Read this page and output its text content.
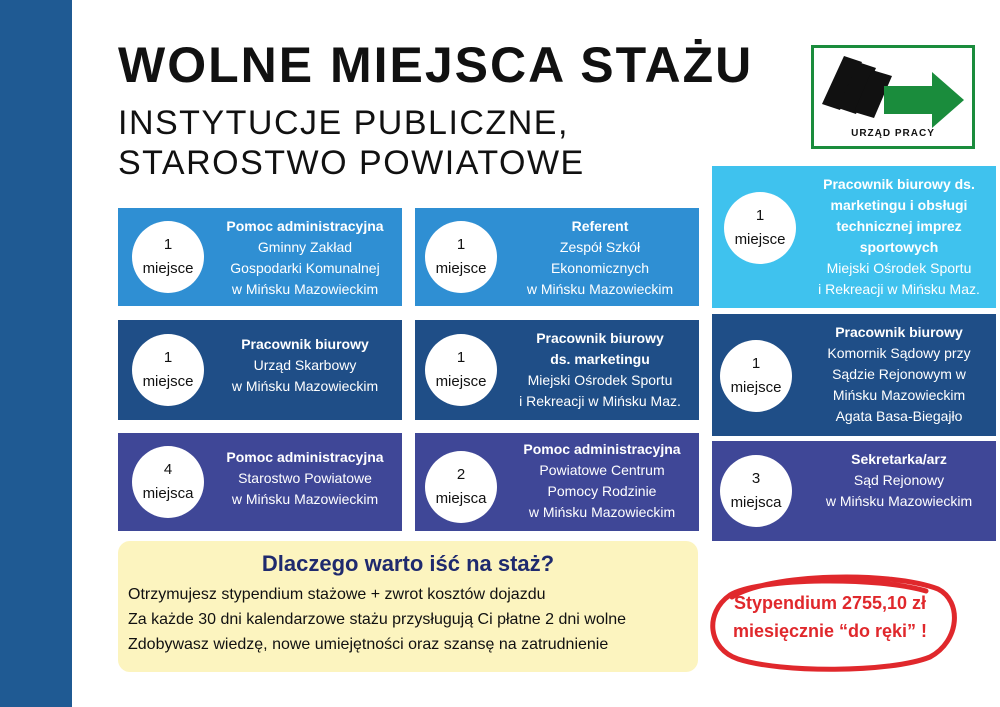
WOLNE MIEJSCA STAŻU
INSTYTUCJE PUBLICZNE,
STAROSTWO POWIATOWE
URZĄD PRACY
1
miejsce
Pomoc administracyjna
Gminny Zakład
Gospodarki Komunalnej
w Mińsku Mazowieckim
1
miejsce
Referent
Zespół Szkół
Ekonomicznych
w Mińsku Mazowieckim
1
miejsce
Pracownik biurowy ds.
marketingu i obsługi
technicznej imprez
sportowych
Miejski Ośrodek Sportu
i Rekreacji w Mińsku Maz.
1
miejsce
Pracownik biurowy
Urząd Skarbowy
w Mińsku Mazowieckim
1
miejsce
Pracownik biurowy
ds. marketingu
Miejski Ośrodek Sportu
i Rekreacji w Mińsku Maz.
1
miejsce
Pracownik biurowy
Komornik Sądowy przy
Sądzie Rejonowym w
Mińsku Mazowieckim
Agata Basa-Biegajło
4
miejsca
Pomoc administracyjna
Starostwo Powiatowe
w Mińsku Mazowieckim
2
miejsca
Pomoc administracyjna
Powiatowe Centrum
Pomocy Rodzinie
w Mińsku Mazowieckim
3
miejsca
Sekretarka/arz
Sąd Rejonowy
w Mińsku Mazowieckim
Dlaczego warto iść na staż?
Otrzymujesz stypendium stażowe + zwrot kosztów dojazdu
Za każde 30 dni kalendarzowe stażu przysługują Ci płatne 2 dni wolne
Zdobywasz wiedzę, nowe umiejętności oraz szansę na zatrudnienie
Stypendium 2755,10 zł
miesięcznie “do ręki” !
